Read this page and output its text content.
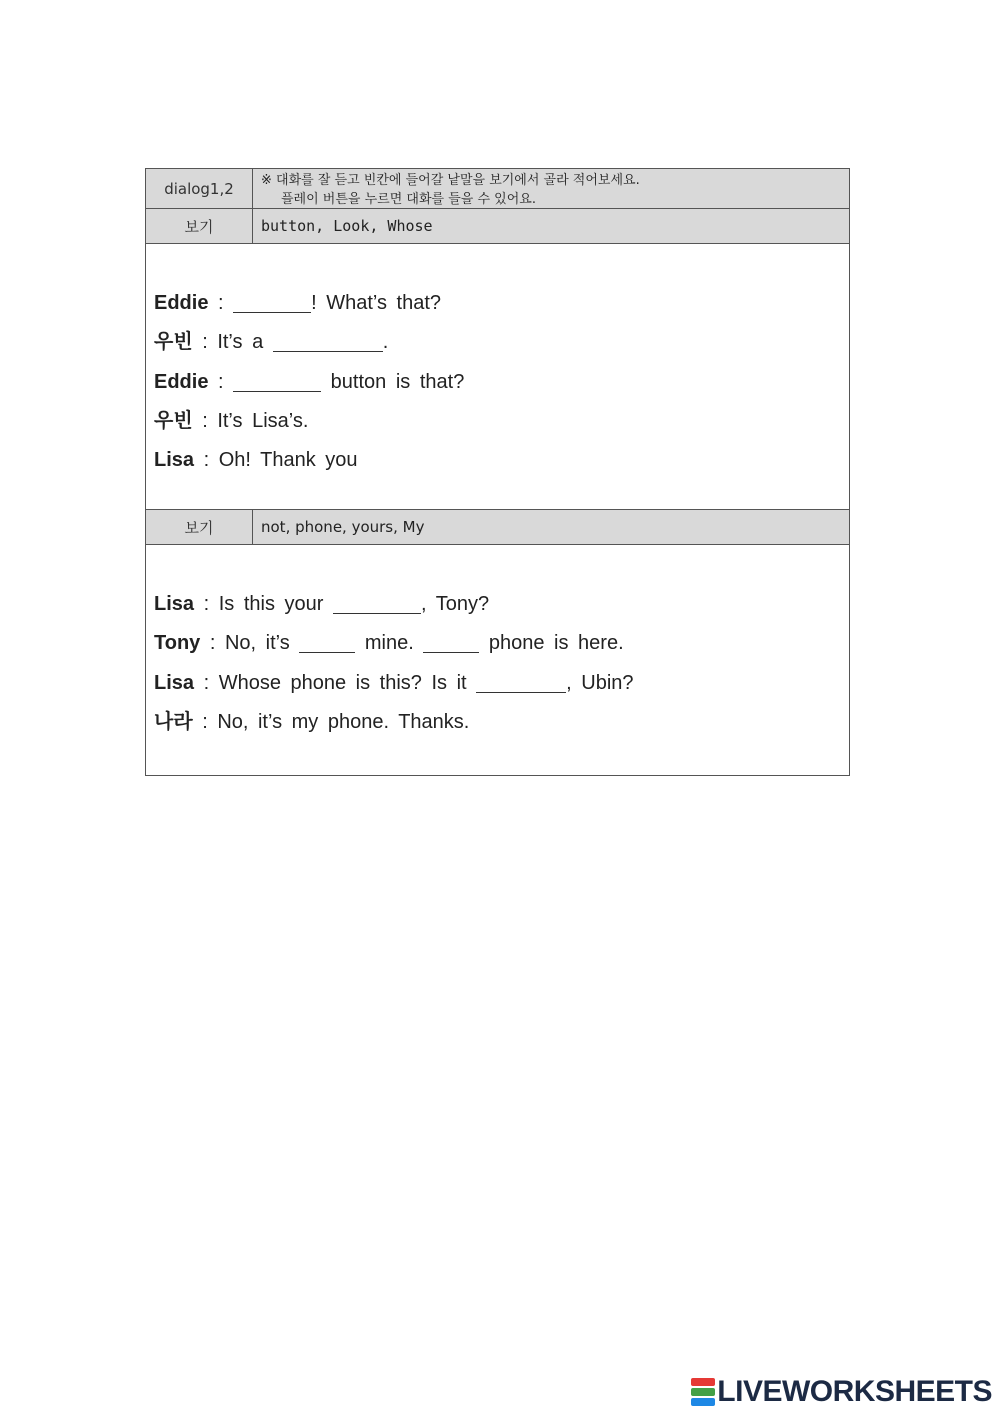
dialog1,2	※ 대화를 잘 듣고 빈칸에 들어갈 낱말을 보기에서 골라 적어보세요.
플레이 버튼을 누르면 대화를 들을 수 있어요.
보기	button, Look, Whose
Eddie :	! What’s that?
우빈 : It’s a	.
Eddie :	button is that?
우빈 : It’s Lisa’s.
Lisa : Oh! Thank you
보기	not, phone, yours, My
Lisa : Is this your	, Tony?
Tony : No, it’s	mine.	phone is here.
Lisa : Whose phone is this? Is it	, Ubin?
나라 : No, it’s my phone. Thanks.
LIVEWORKSHEETS
